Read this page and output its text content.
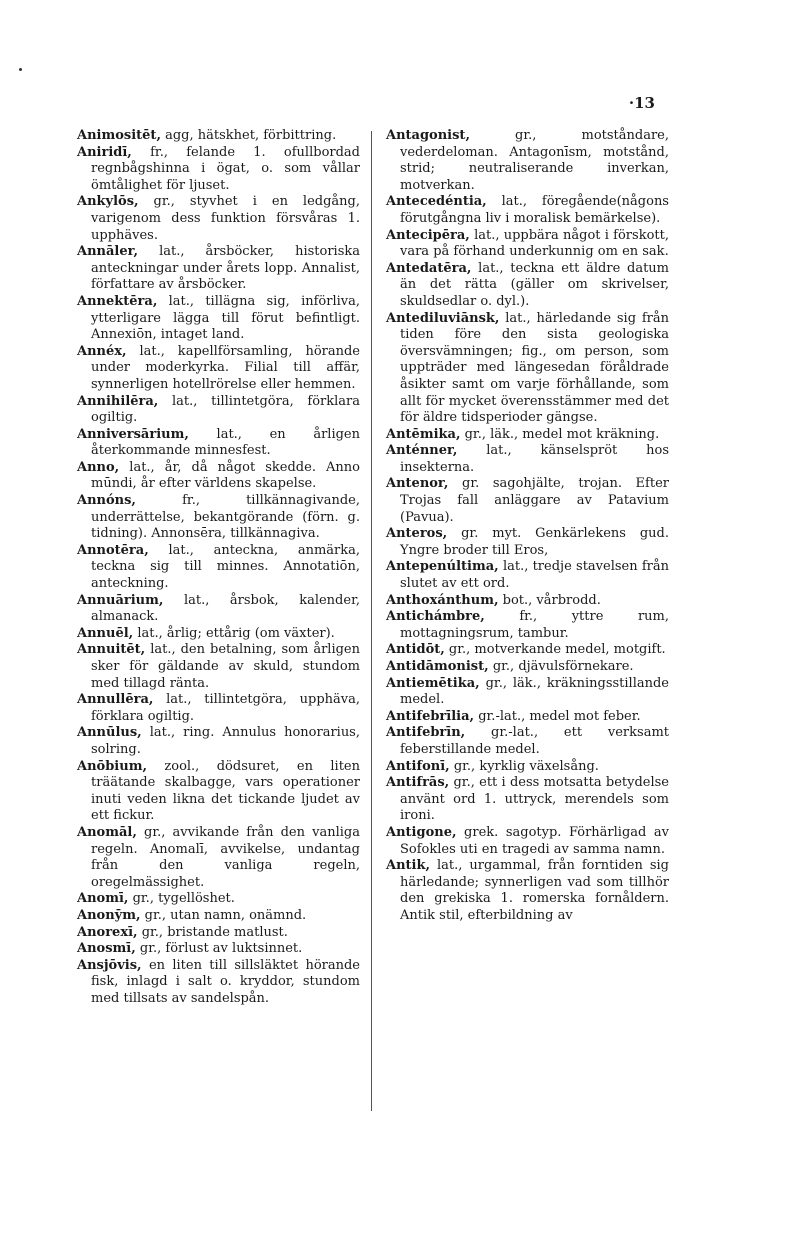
·13

Animositēt, agg, hätskhet, förbittring.

Aniridī, fr., felande 1. ofullbordad regnbågshinna i ögat, o. som vållar ömtålighet för ljuset.

Ankylōs, gr., styvhet i en ledgång, varigenom dess funktion försvåras 1. upphäves.

Annāler, lat., årsböcker, historiska anteckningar under årets lopp. Annalist, författare av årsböcker.

Annektēra, lat., tillägna sig, införliva, ytterligare lägga till förut befintligt. Annexiōn, intaget land.

Annéx, lat., kapellförsamling, hörande under moderkyrka. Filial till affär, synnerligen hotellrörelse eller hemmen.

Annihilēra, lat., tillintetgöra, förklara ogiltig.

Anniversārium, lat., en årligen återkommande minnesfest.

Anno, lat., år, då något skedde. Anno mūndi, år efter världens skapelse.

Annóns,	fr., tillkännagivande, underrättelse, bekantgörande (förn. g. tidning). Annonsēra, tillkännagiva.

Annotēra, lat., anteckna, anmärka, teckna sig till minnes. Annotatiōn, anteckning.

Annuārium, lat., årsbok, kalender, almanack.

Annuēl, lat., årlig; ettårig (om växter).

Annuitēt, lat., den betalning, som årligen sker för gäldande av skuld, stundom med tillagd ränta.

Annullēra, lat., tillintetgöra, upphäva, förklara ogiltig.

Annūlus, lat., ring. Annulus honorarius, solring.

Anōbium, zool., dödsuret, en liten träätande skalbagge, vars operationer inuti veden likna det tickande ljudet av ett fickur.

Anomāl, gr., avvikande från den vanliga regeln. Anomalī, avvikelse, undantag från den vanliga regeln, oregelmässighet.

Anomī, gr., tygellöshet.

Anonȳm, gr., utan namn, onämnd.

Anorexī, gr., bristande matlust.

Anosmī, gr., förlust av luktsinnet.

Ansjōvis, en liten till sillsläktet hörande fisk, inlagd i salt o. kryddor, stundom med tillsats av sandelspån.

Antagonist,	gr., motståndare, vederdeloman. Antagonīsm, motstånd, strid; neutraliserande inverkan, motverkan.

Antecedéntia, lat., föregående(någons förutgångna liv i moralisk bemärkelse).

Antecipēra, lat., uppbära något i förskott, vara på förhand underkunnig om en sak.

Antedatēra, lat., teckna ett äldre datum än det rätta (gäller om skrivelser, skuldsedlar o. dyl.).

Antediluviānsk, lat., härledande sig från tiden före den sista geologiska översvämningen; fig., om person, som uppträder med längesedan föråldrade åsikter samt om varje förhållande, som allt för mycket överensstämmer med det för äldre tidsperioder gängse.

Antēmika, gr., läk., medel mot kräkning.

Anténner, lat., känselspröt hos insekterna.

Antenor, gr. sagohjälte, trojan. Efter Trojas fall anläggare av Patavium (Pavua).

Anteros, gr. myt. Genkärlekens gud. Yngre broder till Eros,

Antepenúltima, lat., tredje stavelsen från slutet av ett ord.

Anthoxánthum, bot., vårbrodd.

Antichámbre,	fr., yttre rum, mottagningsrum, tambur.

Antidōt, gr., motverkande medel, motgift.

Antidāmonist, gr., djävulsförnekare.

Antiemētika, gr., läk., kräkningsstillande medel.

Antifebrīlia, gr.-lat., medel mot feber.

Antifebrīn, gr.-lat., ett verksamt feberstillande medel.

Antifonī, gr., kyrklig växelsång.

Antifrās, gr., ett i dess motsatta betydelse använt ord 1. uttryck, merendels som ironi.

Antigone, grek. sagotyp. Förhärligad av Sofokles uti en tragedi av samma namn.

Antik, lat., urgammal, från forntiden sig härledande; synnerligen vad som tillhör den grekiska 1. romerska fornåldern. Antik stil, efterbildning av
